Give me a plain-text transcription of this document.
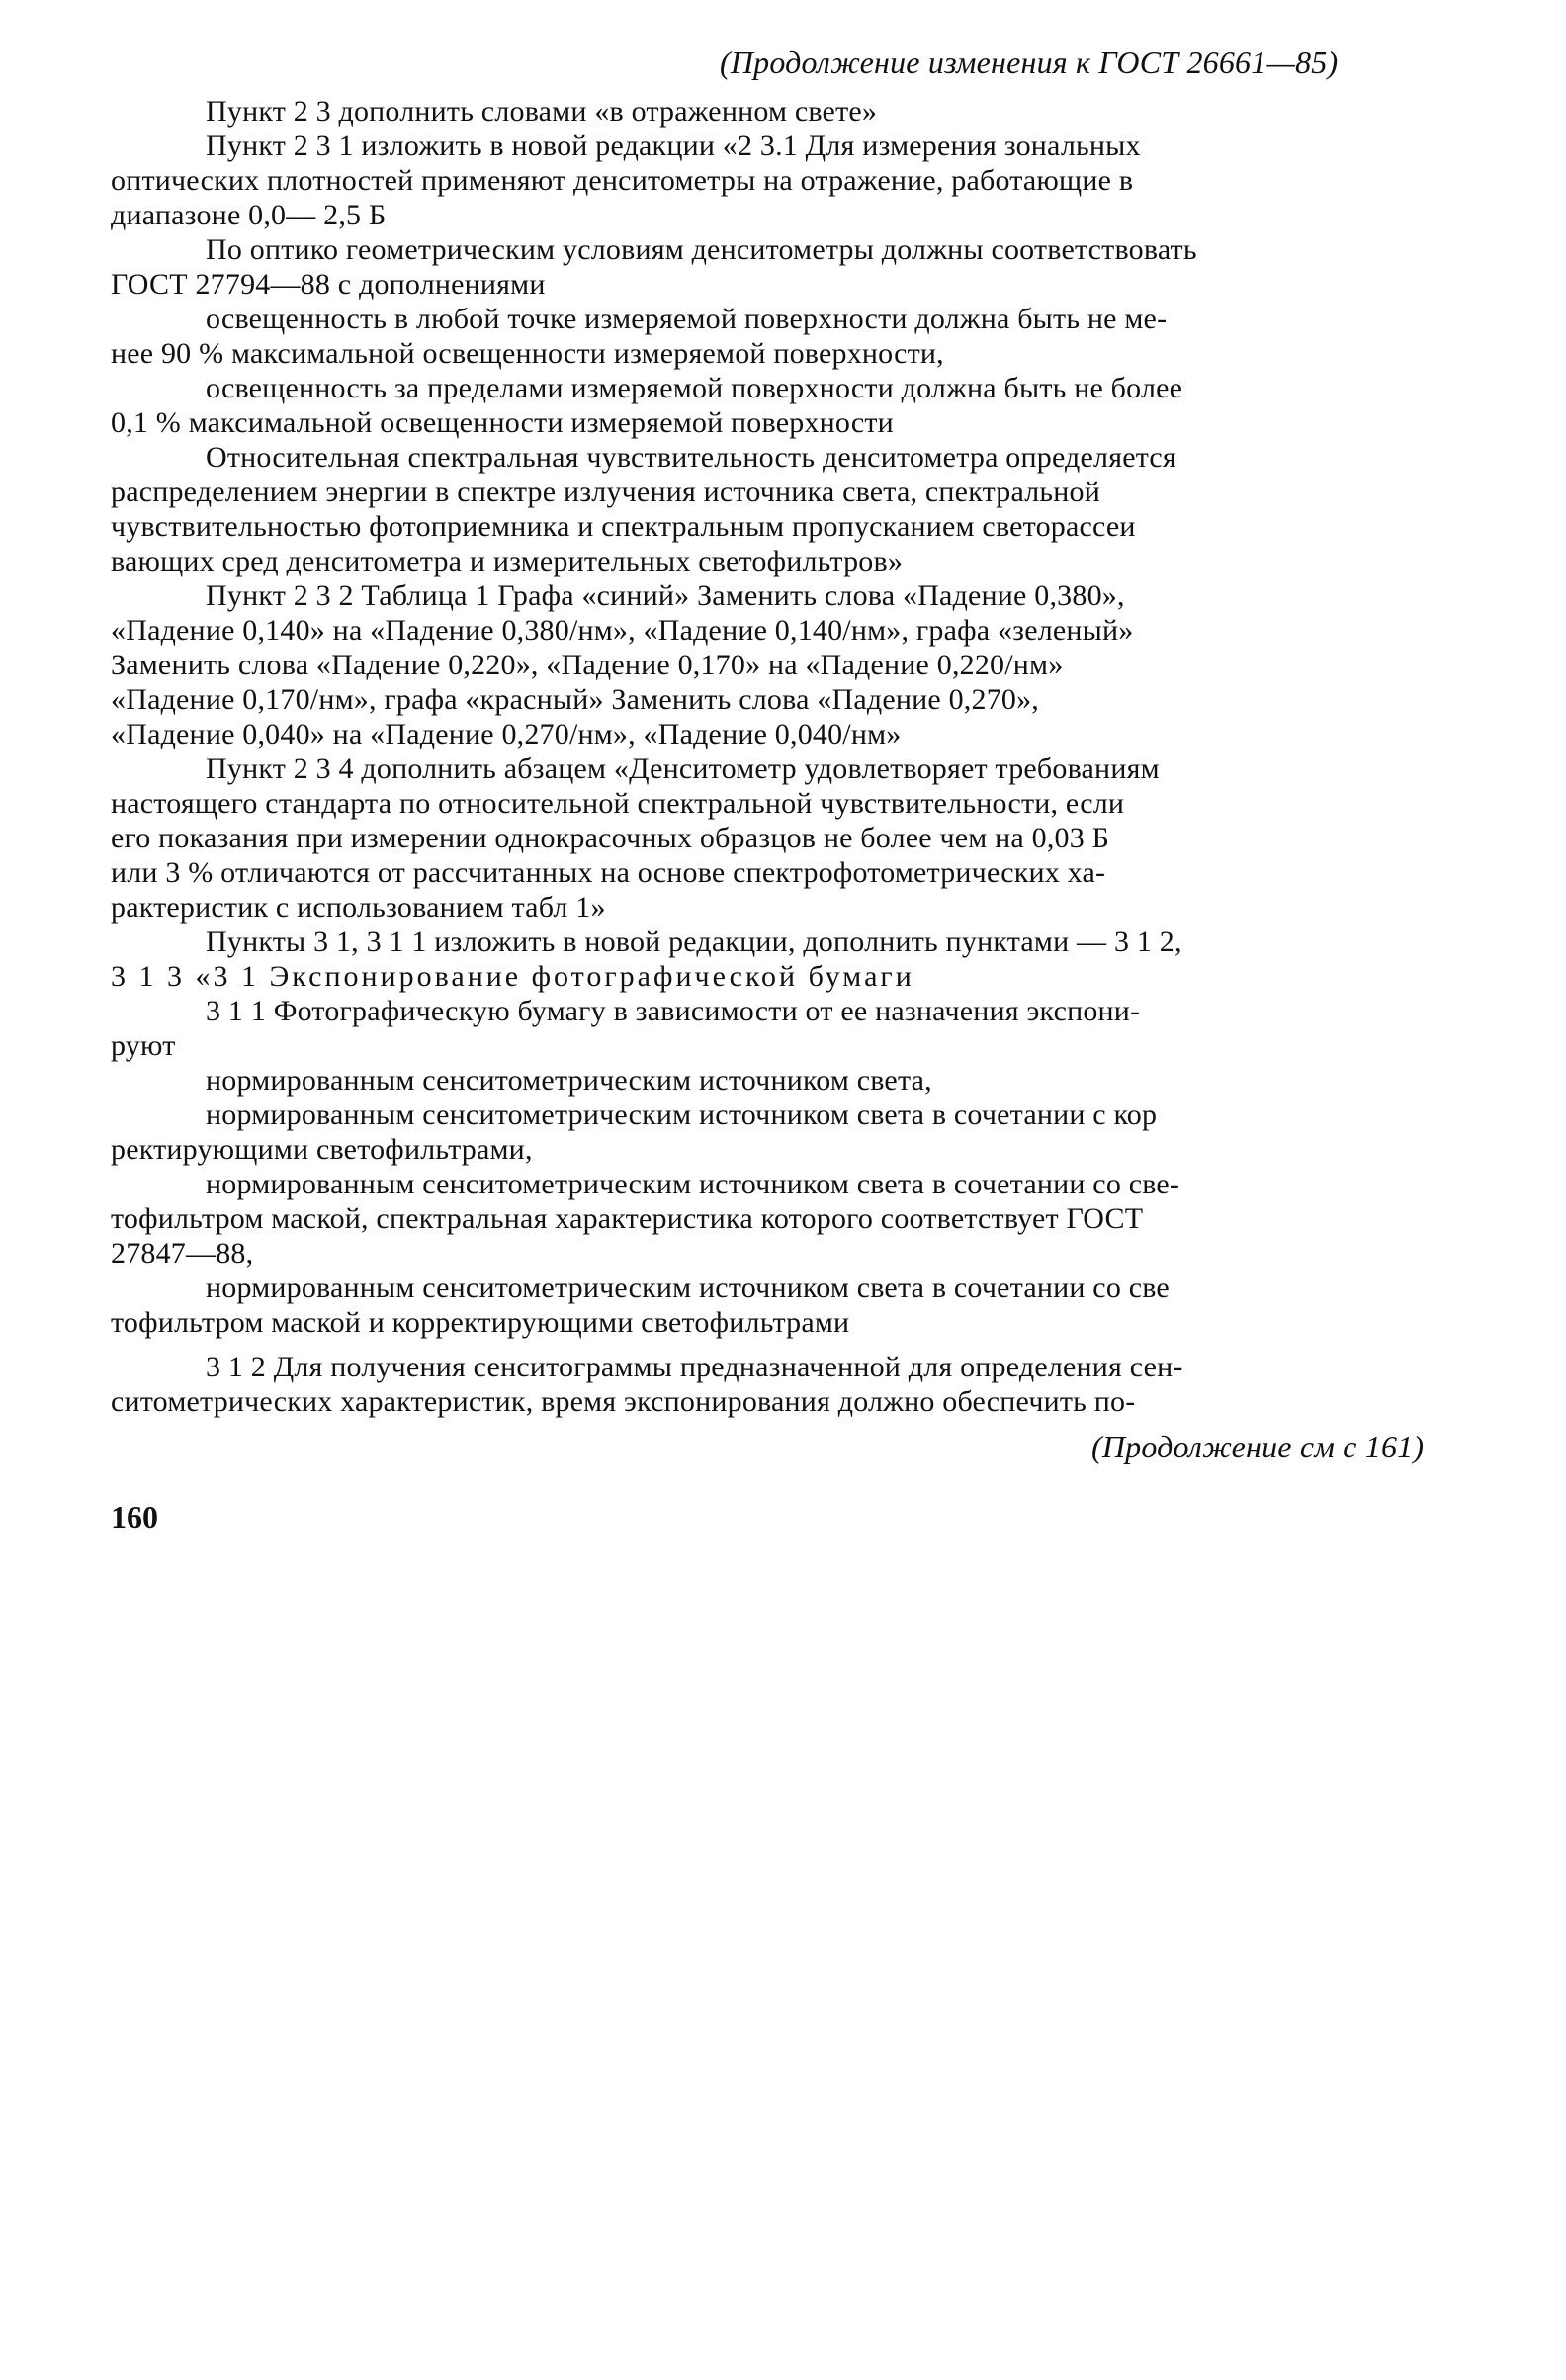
(Продолжение изменения к ГОСТ 26661—85)
Пункт 2 3 дополнить словами «в отраженном свете»
Пункт 2 3 1 изложить в новой редакции «2 3.1 Для измерения зональных
оптических плотностей применяют денситометры на отражение, работающие в
диапазоне 0,0— 2,5 Б
По оптико геометрическим условиям денситометры должны соответствовать
ГОСТ 27794—88 с дополнениями
освещенность в любой точке измеряемой поверхности должна быть не ме-
нее 90 % максимальной освещенности измеряемой поверхности,
освещенность за пределами измеряемой поверхности должна быть не более
0,1 % максимальной освещенности измеряемой поверхности
Относительная спектральная чувствительность денситометра определяется
распределением энергии в спектре излучения источника света, спектральной
чувствительностью фотоприемника и спектральным пропусканием светорассеи
вающих сред денситометра и измерительных светофильтров»
Пункт 2 3 2 Таблица 1 Графа «синий» Заменить слова «Падение 0,380»,
«Падение 0,140» на «Падение 0,380/нм», «Падение 0,140/нм», графа «зеленый»
Заменить слова «Падение 0,220», «Падение 0,170» на «Падение 0,220/нм»
«Падение 0,170/нм», графа «красный» Заменить слова «Падение 0,270»,
«Падение 0,040» на «Падение 0,270/нм», «Падение 0,040/нм»
Пункт 2 3 4 дополнить абзацем «Денситометр удовлетворяет требованиям
настоящего стандарта по относительной спектральной чувствительности, если
его показания при измерении однокрасочных образцов не более чем на 0,03 Б
или 3 % отличаются от рассчитанных на основе спектрофотометрических ха-
рактеристик с использованием табл 1»
Пункты 3 1, 3 1 1 изложить в новой редакции, дополнить пунктами — 3 1 2,
3 1 3 «3 1 Экспонирование фотографической бумаги
3 1 1 Фотографическую бумагу в зависимости от ее назначения экспони-
руют
нормированным сенситометрическим источником света,
нормированным сенситометрическим источником света в сочетании с кор
ректирующими светофильтрами,
нормированным сенситометрическим источником света в сочетании со све-
тофильтром маской, спектральная характеристика которого соответствует ГОСТ
27847—88,
нормированным сенситометрическим источником света в сочетании со све
тофильтром маской и корректирующими светофильтрами
3 1 2 Для получения сенситограммы предназначенной для определения сен-
ситометрических характеристик, время экспонирования должно обеспечить по-
(Продолжение см с 161)
160
